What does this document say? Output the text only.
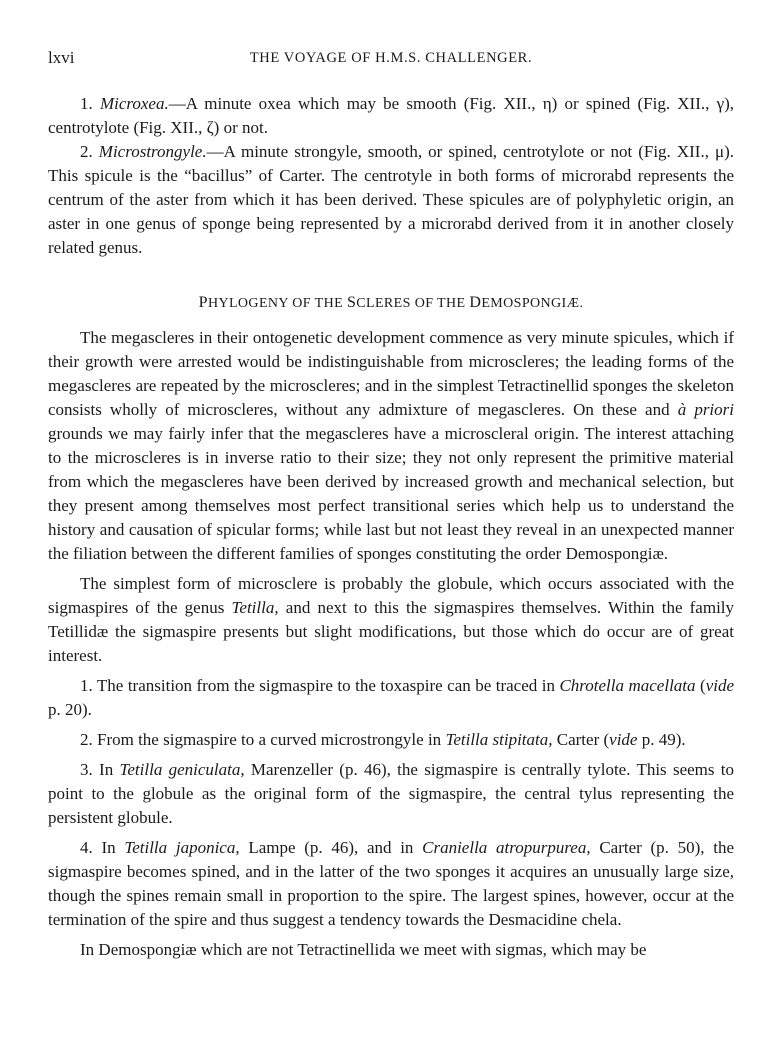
lxvi	THE VOYAGE OF H.M.S. CHALLENGER.

1. Microxea.—A minute oxea which may be smooth (Fig. XII., η) or spined (Fig. XII., γ), centrotylote (Fig. XII., ζ) or not.

2. Microstrongyle.—A minute strongyle, smooth, or spined, centrotylote or not (Fig. XII., μ). This spicule is the “bacillus” of Carter. The centrotyle in both forms of microrabd represents the centrum of the aster from which it has been derived. These spicules are of polyphyletic origin, an aster in one genus of sponge being represented by a microrabd derived from it in another closely related genus.

PHYLOGENY OF THE SCLERES OF THE DEMOSPONGIÆ.

The megascleres in their ontogenetic development commence as very minute spicules, which if their growth were arrested would be indistinguishable from microscleres; the leading forms of the megascleres are repeated by the microscleres; and in the simplest Tetractinellid sponges the skeleton consists wholly of microscleres, without any admixture of megascleres. On these and à priori grounds we may fairly infer that the megascleres have a microscleral origin. The interest attaching to the microscleres is in inverse ratio to their size; they not only represent the primitive material from which the megascleres have been derived by increased growth and mechanical selection, but they present among themselves most perfect transitional series which help us to understand the history and causation of spicular forms; while last but not least they reveal in an unexpected manner the filiation between the different families of sponges constituting the order Demospongiæ.

The simplest form of microsclere is probably the globule, which occurs associated with the sigmaspires of the genus Tetilla, and next to this the sigmaspires themselves. Within the family Tetillidæ the sigmaspire presents but slight modifications, but those which do occur are of great interest.

1. The transition from the sigmaspire to the toxaspire can be traced in Chrotella macellata (vide p. 20).

2. From the sigmaspire to a curved microstrongyle in Tetilla stipitata, Carter (vide p. 49).

3. In Tetilla geniculata, Marenzeller (p. 46), the sigmaspire is centrally tylote. This seems to point to the globule as the original form of the sigmaspire, the central tylus representing the persistent globule.

4. In Tetilla japonica, Lampe (p. 46), and in Craniella atropurpurea, Carter (p. 50), the sigmaspire becomes spined, and in the latter of the two sponges it acquires an unusually large size, though the spines remain small in proportion to the spire. The largest spines, however, occur at the termination of the spire and thus suggest a tendency towards the Desmacidine chela.

In Demospongiæ which are not Tetractinellida we meet with sigmas, which may be
